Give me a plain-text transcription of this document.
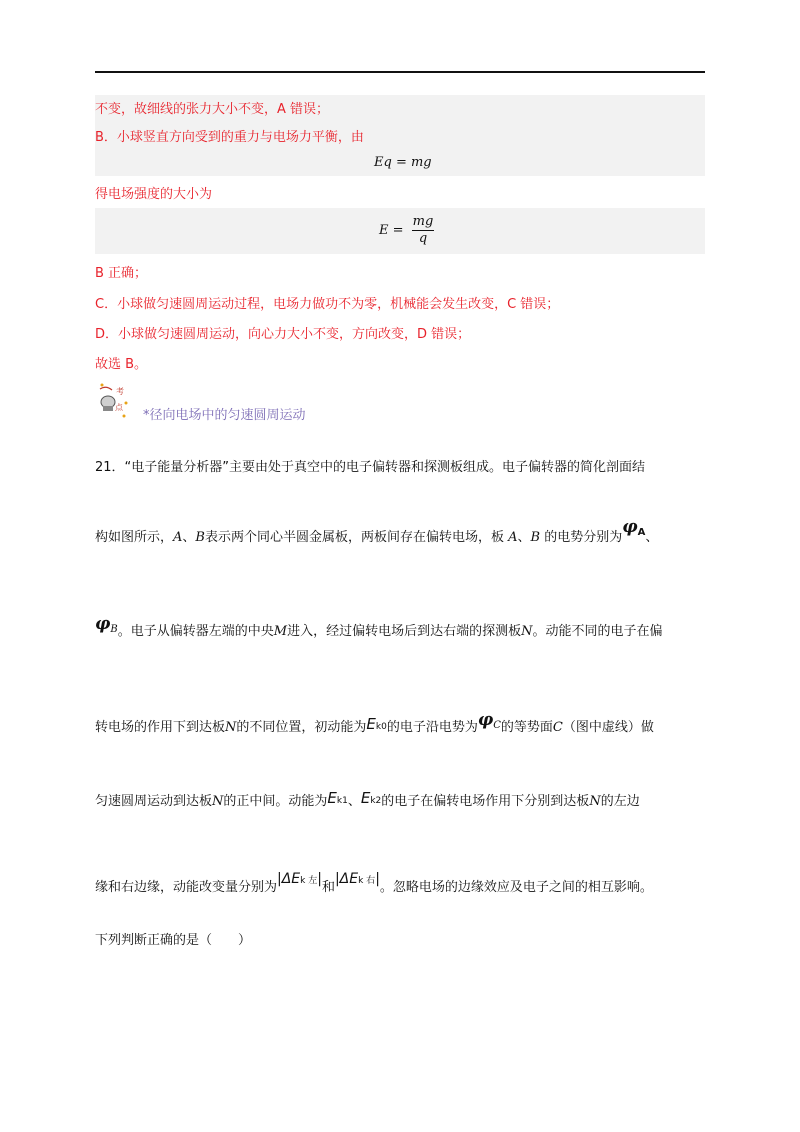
不变，故细线的张力大小不变，A 错误；
B．小球竖直方向受到的重力与电场力平衡，由
Eq = mg
得电场强度的大小为
$E = \frac{mg}{q}$
B 正确；
C．小球做匀速圆周运动过程，电场力做功不为零，机械能会发生改变，C 错误；
D．小球做匀速圆周运动，向心力大小不变，方向改变，D 错误；
故选 B。
考
点
*径向电场中的匀速圆周运动
21．“电子能量分析器”主要由处于真空中的电子偏转器和探测板组成。电子偏转器的简化剖面结
构如图所示，A、B表示两个同心半圆金属板，两板间存在偏转电场，板 A、B 的电势分别为$\varphi_A$、
$\varphi_B$。电子从偏转器左端的中央M进入，经过偏转电场后到达右端的探测板N。动能不同的电子在偏
转电场的作用下到达板N的不同位置，初动能为Ek0的电子沿电势为$\varphi_C$的等势面C（图中虚线）做
匀速圆周运动到达板N的正中间。动能为Ek1、Ek2的电子在偏转电场作用下分别到达板N的左边
缘和右边缘，动能改变量分别为|ΔEk 左|和|ΔEk 右|。忽略电场的边缘效应及电子之间的相互影响。
下列判断正确的是（　　）
